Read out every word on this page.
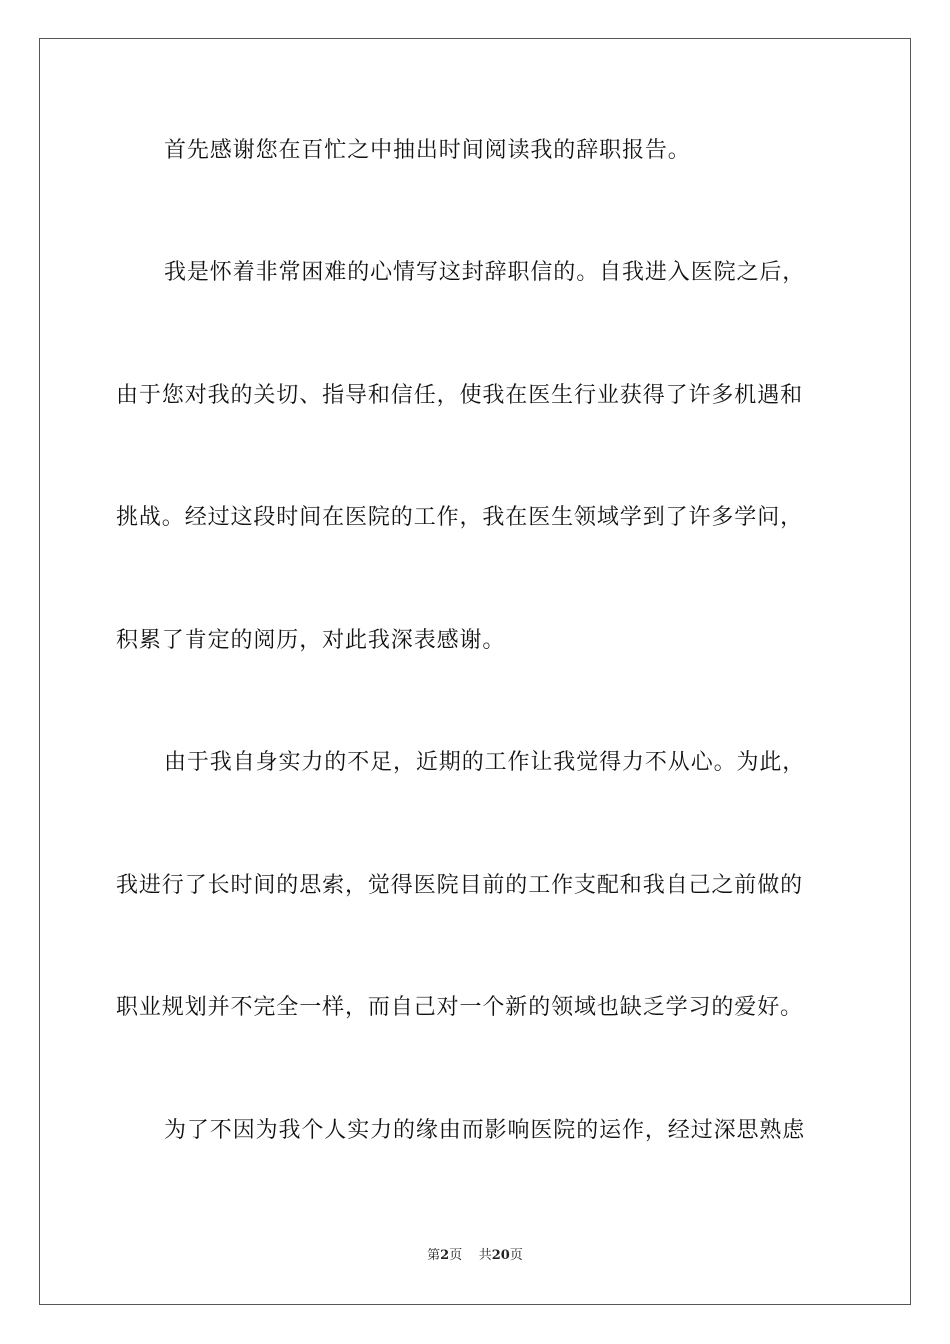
首先感谢您在百忙之中抽出时间阅读我的辞职报告。
我是怀着非常困难的心情写这封辞职信的。自我进入医院之后，
由于您对我的关切、指导和信任，使我在医生行业获得了许多机遇和
挑战。经过这段时间在医院的工作，我在医生领域学到了许多学问，
积累了肯定的阅历，对此我深表感谢。
由于我自身实力的不足，近期的工作让我觉得力不从心。为此，
我进行了长时间的思索，觉得医院目前的工作支配和我自己之前做的
职业规划并不完全一样，而自己对一个新的领域也缺乏学习的爱好。
为了不因为我个人实力的缘由而影响医院的运作，经过深思熟虑
第2页 共20页
